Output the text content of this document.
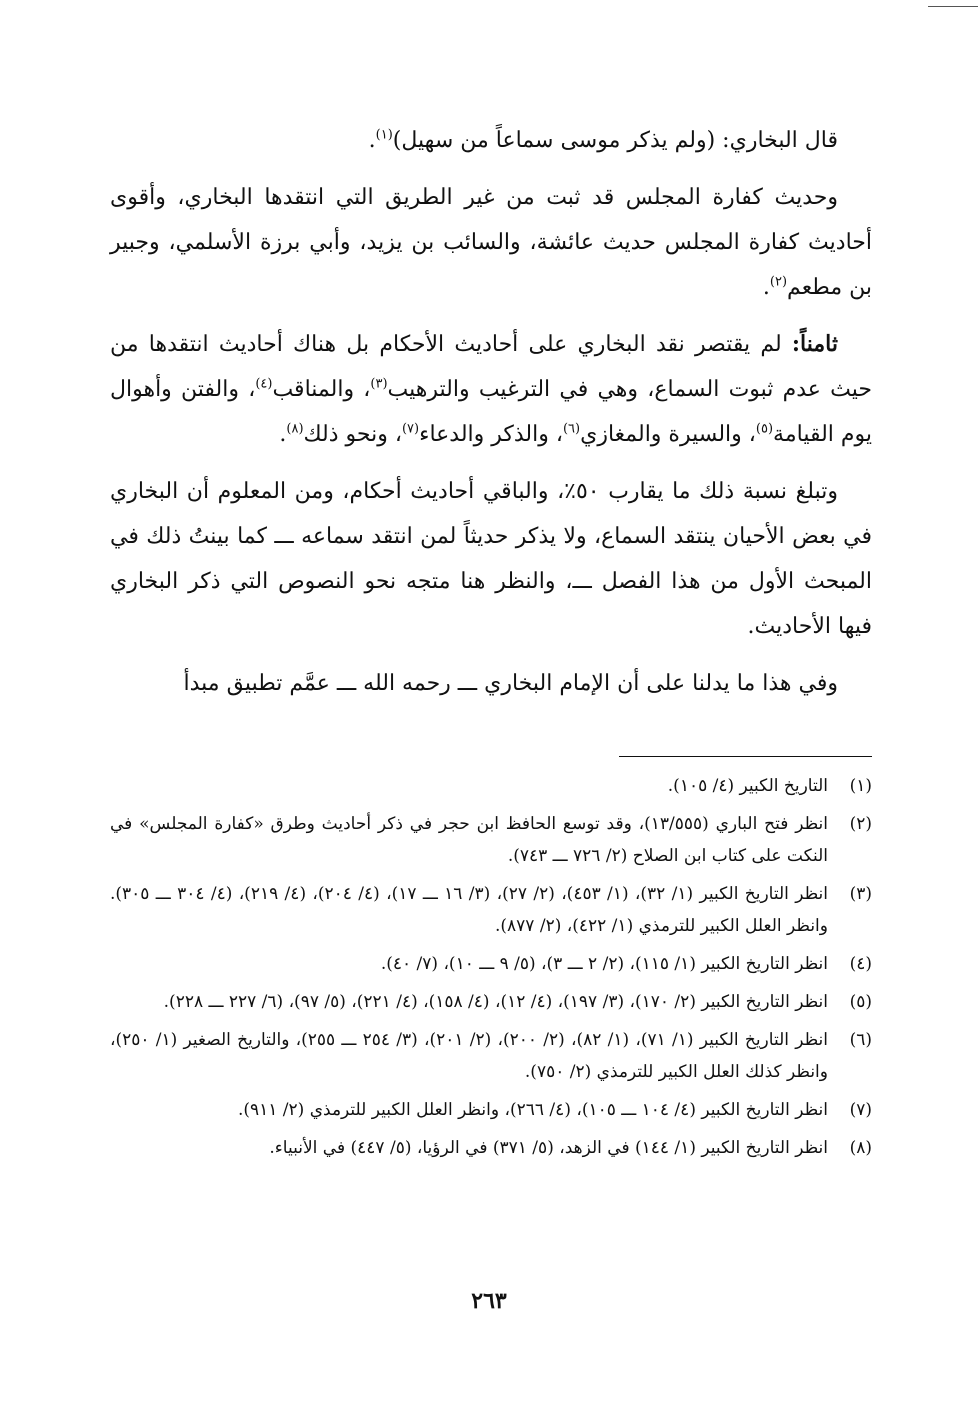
قال البخاري: (ولم يذكر موسى سماعاً من سهيل)$^{(١)}$.

وحديث كفارة المجلس قد ثبت من غير الطريق التي انتقدها البخاري، وأقوى أحاديث كفارة المجلس حديث عائشة، والسائب بن يزيد، وأبي برزة الأسلمي، وجبير بن مطعم$^{(٢)}$.

ثامناً: لم يقتصر نقد البخاري على أحاديث الأحكام بل هناك أحاديث انتقدها من حيث عدم ثبوت السماع، وهي في الترغيب والترهيب$^{(٣)}$، والمناقب$^{(٤)}$، والفتن وأهوال يوم القيامة$^{(٥)}$، والسيرة والمغازي$^{(٦)}$، والذكر والدعاء$^{(٧)}$، ونحو ذلك$^{(٨)}$.

وتبلغ نسبة ذلك ما يقارب ٥٠٪، والباقي أحاديث أحكام، ومن المعلوم أن البخاري في بعض الأحيان ينتقد السماع، ولا يذكر حديثاً لمن انتقد سماعه ـــ كما بينتُ ذلك في المبحث الأول من هذا الفصل ـــ، والنظر هنا متجه نحو النصوص التي ذكر البخاري فيها الأحاديث.

وفي هذا ما يدلنا على أن الإمام البخاري ـــ رحمه الله ـــ عمَّم تطبيق مبدأ

(١)
التاريخ الكبير (٤/ ١٠٥).
(٢)
انظر فتح الباري (١٣/٥٥٥)، وقد توسع الحافظ ابن حجر في ذكر أحاديث وطرق «كفارة المجلس» في النكت على كتاب ابن الصلاح (٢/ ٧٢٦ ـــ ٧٤٣).
(٣)
انظر التاريخ الكبير (١/ ٣٢)، (١/ ٤٥٣)، (٢/ ٢٧)، (٣/ ١٦ ـــ ١٧)، (٤/ ٢٠٤)، (٤/ ٢١٩)، (٤/ ٣٠٤ ـــ ٣٠٥). وانظر العلل الكبير للترمذي (١/ ٤٢٢)، (٢/ ٨٧٧).
(٤)
انظر التاريخ الكبير (١/ ١١٥)، (٢/ ٢ ـــ ٣)، (٥/ ٩ ـــ ١٠)، (٧/ ٤٠).
(٥)
انظر التاريخ الكبير (٢/ ١٧٠)، (٣/ ١٩٧)، (٤/ ١٢)، (٤/ ١٥٨)، (٤/ ٢٢١)، (٥/ ٩٧)، (٦/ ٢٢٧ ـــ ٢٢٨).
(٦)
انظر التاريخ الكبير (١/ ٧١)، (١/ ٨٢)، (٢/ ٢٠٠)، (٢/ ٢٠١)، (٣/ ٢٥٤ ـــ ٢٥٥)، والتاريخ الصغير (١/ ٢٥٠)، وانظر كذلك العلل الكبير للترمذي (٢/ ٧٥٠).
(٧)
انظر التاريخ الكبير (٤/ ١٠٤ ـــ ١٠٥)، (٤/ ٢٦٦)، وانظر العلل الكبير للترمذي (٢/ ٩١١).
(٨)
انظر التاريخ الكبير (١/ ١٤٤) في الزهد، (٥/ ٣٧١) في الرؤيا، (٥/ ٤٤٧) في الأنبياء.
٢٦٣
